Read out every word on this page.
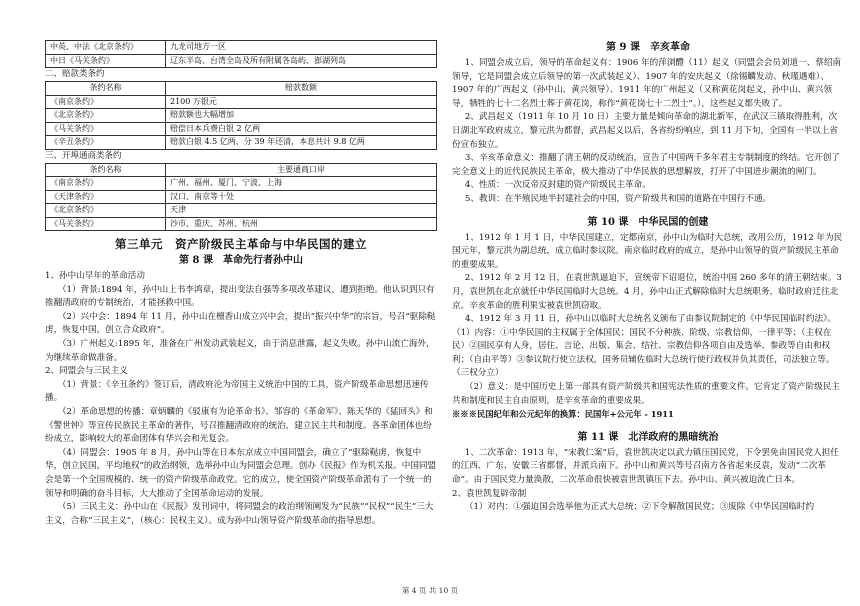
中英、中法《北京条约》	九龙司地方一区
中日《马关条约》	辽东半岛、台湾全岛及所有附属各岛屿、澎湖列岛

二、赔款类条约

条约名称	赔款数额
《南京条约》	2100 万银元
《北京条约》	赔款额也大幅增加
《马关条约》	赔偿日本兵费白银 2 亿两
《辛丑条约》	赔款白银 4.5 亿两，分 39 年还清，本息共计 9.8 亿两

三、开埠通商类条约

条约名称	主要通商口岸
《南京条约》	广州、福州、厦门、宁波、上海
《天津条约》	汉口、南京等十处
《北京条约》	天津
《马关条约》	沙市、重庆、苏州、杭州
第三单元　资产阶级民主革命与中华民国的建立
第 8 课　革命先行者孙中山

1、孙中山早年的革命活动

（1）背景:1894 年，孙中山上书李鸿章，提出变法自强等多项改革建议，遭到拒绝。他认识到只有推翻清政府的专制统治，才能拯救中国。

（2）兴中会：1894 年 11 月，孙中山在檀香山成立兴中会，提出“振兴中华”的宗旨，号召“驱除鞑虏，恢复中国，创立合众政府”。

（3）广州起义:1895 年，准备在广州发动武装起义，由于消息泄露，起义失败。孙中山流亡海外，为继续革命做准备。

2、同盟会与三民主义

（1）背景：《辛丑条约》签订后，清政府沦为帝国主义统治中国的工具，资产阶级革命思想迅速传播。

（2）革命思想的传播：章炳麟的《驳康有为论革命书》、邹容的《革命军》、陈天华的《猛回头》和《警世钟》等宣传民族民主革命的著作，号召推翻清政府的统治，建立民主共和制度。各革命团体也纷纷成立，影响较大的革命团体有华兴会和光复会。

（4）同盟会：1905 年 8 月，孙中山等在日本东京成立中国同盟会，确立了“驱除鞑虏，恢复中华，创立民国，平均地权”的政治纲领，选举孙中山为同盟会总理。创办《民报》作为机关报。中国同盟会是第一个全国规模的、统一的资产阶级革命政党。它的成立，使全国资产阶级革命派有了一个统一的领导和明确的奋斗目标，大大推动了全国革命运动的发展。

（5）三民主义：孙中山在《民报》发刊词中，将同盟会的政治纲领阐发为“民族”“民权”“民生”三大主义，合称“三民主义”，（核心：民权主义）。成为孙中山领导资产阶级革命的指导思想。

第 9 课　辛亥革命

1、同盟会成立后，领导的革命起义有：1906 年的萍浏醴（11）起义（同盟会会员刘道一、蔡绍南领导，它是同盟会成立后领导的第一次武装起义）、1907 年的安庆起义（徐锡麟发动、秋瑾遇难）、1907 年的广西起义（孙中山、黄兴领导）、1911 年的广州起义（又称黄花岗起义，孙中山、黄兴领导，牺牲的七十二名烈士葬于黄花岗，称作“黄花岗七十二烈士”。），这些起义都失败了。

2、武昌起义（1911 年 10 月 10 日）主要力量是倾向革命的湖北新军，在武汉三镇取得胜利，次日湖北军政府成立，黎元洪为都督，武昌起义以后，各省纷纷响应，到 11 月下旬，全国有一半以上省份宣布独立。

3、辛亥革命意义：推翻了清王朝的反动统治，宣告了中国两千多年君主专制制度的终结。它开创了完全意义上的近代民族民主革命，极大推动了中华民族的思想解放，打开了中国进步潮流的闸门。

4、性质：一次反帝反封建的资产阶级民主革命。

5、教训：在半殖民地半封建社会的中国，资产阶级共和国的道路在中国行不通。

第 10 课　中华民国的创建

1、1912 年 1 月 1 日，中华民国建立，定都南京，孙中山为临时大总统，改用公历，1912 年为民国元年，黎元洪为副总统，成立临时参议院。南京临时政府的成立，是孙中山领导的资产阶级民主革命的重要成果。

2、1912 年 2 月 12 日，在袁世凯逼迫下，宣统帝下诏退位，统治中国 260 多年的清王朝结束。3 月，袁世凯在北京就任中华民国临时大总统。4 月，孙中山正式解除临时大总统职务，临时政府迁往北京。辛亥革命的胜利果实被袁世凯窃取。

4、1912 年 3 月 11 日，孙中山以临时大总统名义颁布了由参议院制定的《中华民国临时约法》。（1）内容：①中华民国的主权属于全体国民；国民不分种族、阶级、宗教信仰，一律平等；（主权在民）②国民享有人身，居住、言论、出版、集会、结社、宗教信仰各项自由及选举、参政等自由和权利；（自由平等）③参议院行使立法权，国务员辅佐临时大总统行使行政权并负其责任，司法独立等。（三权分立）

（2）意义：是中国历史上第一部具有资产阶级共和国宪法性质的重要文件。它肯定了资产阶级民主共和制度和民主自由原则，是辛亥革命的重要成果。

※※※民国纪年和公元纪年的换算：民国年+公元年 - 1911

第 11 课　北洋政府的黑暗统治

1、二次革命：1913 年，“宋教仁案”后，袁世凯决定以武力镇压国民党，下令罢免由国民党人担任的江西、广东、安徽三省都督，并派兵南下。孙中山和黄兴等号召南方各省起来反袁，发动“二次革命”。由于国民党力量涣散，二次革命很快被袁世凯镇压下去。孙中山、黄兴被迫流亡日本。

2、袁世凯复辟帝制

（1）对内：①强迫国会选举他为正式大总统；②下令解散国民党；③废除《中华民国临时约

第 4 页 共 10 页
